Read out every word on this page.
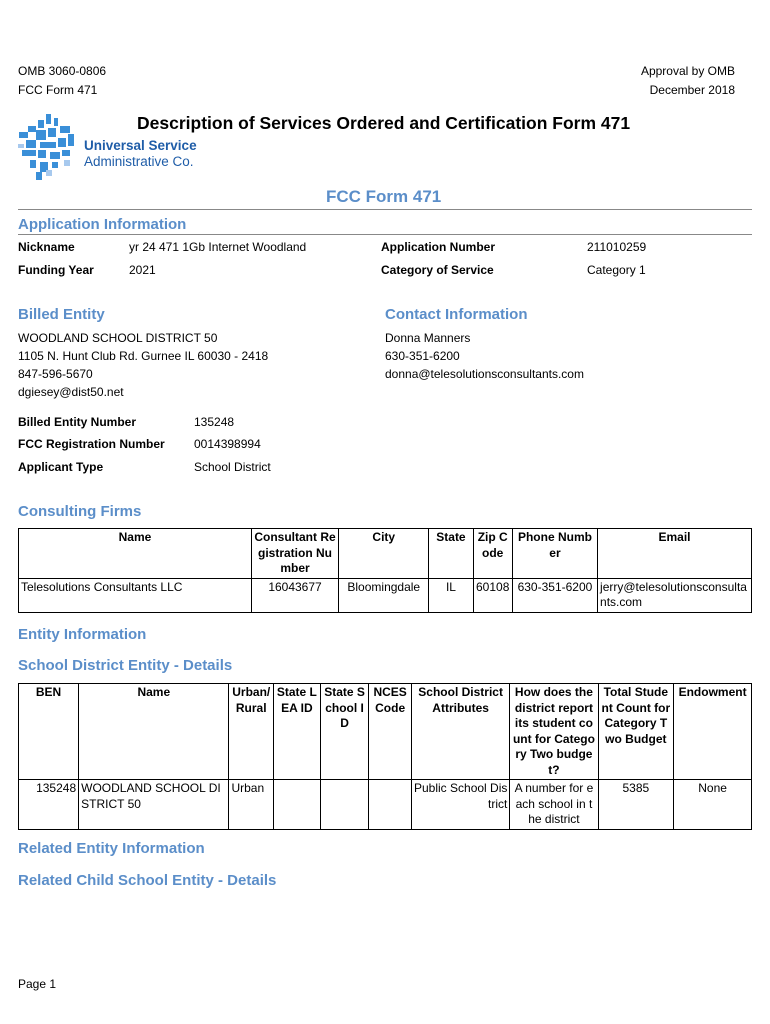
OMB 3060-0806
FCC Form 471
Approval by OMB
December 2018
Universal Service
Administrative Co.
Description of Services Ordered and Certification Form 471
FCC Form 471
Application Information
Nickname	yr 24 471 1Gb Internet Woodland	Application Number	211010259
Funding Year	2021	Category of Service	Category 1
Billed Entity
WOODLAND SCHOOL DISTRICT 50
1105 N. Hunt Club Rd. Gurnee IL 60030 - 2418
847-596-5670
dgiesey@dist50.net
Contact Information
Donna Manners
630-351-6200
donna@telesolutionsconsultants.com
Billed Entity Number	135248
FCC Registration Number 0014398994
Applicant Type	School District
Consulting Firms
Name	Consultant Registration Number	City	State	Zip Code	Phone Number	Email
Telesolutions Consultants LLC	16043677	Bloomingdale	IL	60108	630-351-6200	jerry@telesolutionsconsultants.com
Entity Information
School District Entity - Details
BEN	Name	Urban/ Rural	State LEA ID	State School ID	NCES Code	School District Attributes	How does the district report its student count for Category Two budget?	Total Student Count for Category Two Budget	Endowment
135248	WOODLAND SCHOOL DISTRICT 50	Urban				Public School District	A number for each school in the district	5385	None
Related Entity Information
Related Child School Entity - Details
Page 1
